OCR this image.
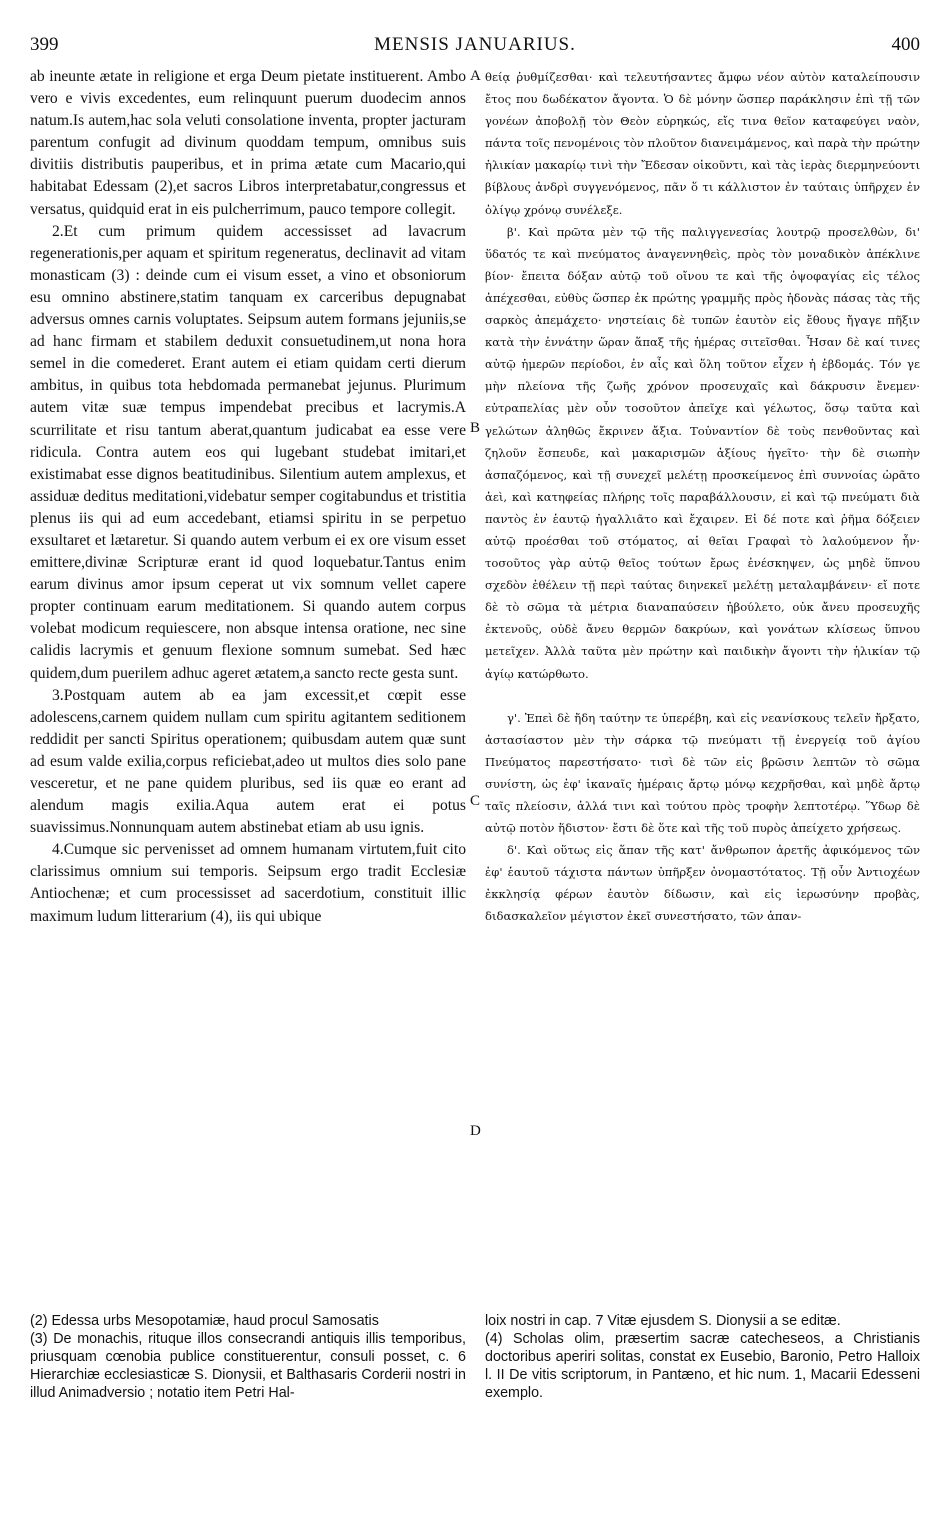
399	MENSIS JANUARIUS.	400

ab ineunte ætate in religione et erga Deum pietate instituerent. Ambo vero e vivis excedentes, eum relinquunt puerum duodecim annos natum.Is autem,hac sola veluti consolatione inventa, propter jacturam parentum confugit ad divinum quoddam tempum, omnibus suis divitiis distributis pauperibus, et in prima ætate cum Macario,qui habitabat Edessam (2),et sacros Libros interpretabatur,congressus et versatus, quidquid erat in eis pulcherrimum, pauco tempore collegit.

2.Et cum primum quidem accessisset ad lavacrum regenerationis,per aquam et spiritum regeneratus, declinavit ad vitam monasticam (3) : deinde cum ei visum esset, a vino et obsoniorum esu omnino abstinere,statim tanquam ex carceribus depugnabat adversus omnes carnis voluptates. Seipsum autem formans jejuniis,se ad hanc firmam et stabilem deduxit consuetudinem,ut nona hora semel in die comederet. Erant autem ei etiam quidam certi dierum ambitus, in quibus tota hebdomada permanebat jejunus. Plurimum autem vitæ suæ tempus impendebat precibus et lacrymis.A scurrilitate et risu tantum aberat,quantum judicabat ea esse vere ridicula. Contra autem eos qui lugebant studebat imitari,et existimabat esse dignos beatitudinibus. Silentium autem amplexus, et assiduæ deditus meditationi,videbatur semper cogitabundus et tristitia plenus iis qui ad eum accedebant, etiamsi spiritu in se perpetuo exsultaret et lætaretur. Si quando autem verbum ei ex ore visum esset emittere,divinæ Scripturæ erant id quod loquebatur.Tantus enim earum divinus amor ipsum ceperat ut vix somnum vellet capere propter continuam earum meditationem. Si quando autem corpus volebat modicum requiescere, non absque intensa oratione, nec sine calidis lacrymis et genuum flexione somnum sumebat. Sed hæc quidem,dum puerilem adhuc ageret ætatem,a sancto recte gesta sunt.

3.Postquam autem ab ea jam excessit,et cœpit esse adolescens,carnem quidem nullam cum spiritu agitantem seditionem reddidit per sancti Spiritus operationem; quibusdam autem quæ sunt ad esum valde exilia,corpus reficiebat,adeo ut multos dies solo pane vesceretur, et ne pane quidem pluribus, sed iis quæ eo erant ad alendum magis exilia.Aqua autem erat ei potus suavissimus.Nonnunquam autem abstinebat etiam ab usu ignis.

4.Cumque sic pervenisset ad omnem humanam virtutem,fuit cito clarissimus omnium sui temporis. Seipsum ergo tradit Ecclesiæ Antiochenæ; et cum processisset ad sacerdotium, constituit illic maximum ludum litterarium (4), iis qui ubique

A
B
C
D

θείᾳ ῥυθμίζεσθαι· καὶ τελευτήσαντες ἄμφω νέον αὐτὸν καταλείπουσιν ἔτος που δωδέκατον ἄγοντα. Ὁ δὲ μόνην ὥσπερ παράκλησιν ἐπὶ τῇ τῶν γονέων ἀποβολῇ τὸν Θεὸν εὑρηκώς, εἴς τινα θεῖον καταφεύγει ναὸν, πάντα τοῖς πενομένοις τὸν πλοῦτον διανειμάμενος, καὶ παρὰ τὴν πρώτην ἡλικίαν μακαρίῳ τινὶ τὴν Ἔδεσαν οἰκοῦντι, καὶ τὰς ἱερὰς διερμηνεύοντι βίβλους ἀνδρὶ συγγενόμενος, πᾶν ὅ τι κάλλιστον ἐν ταύταις ὑπῆρχεν ἐν ὀλίγῳ χρόνῳ συνέλεξε.

β'. Καὶ πρῶτα μὲν τῷ τῆς παλιγγενεσίας λουτρῷ προσελθὼν, δι' ὕδατός τε καὶ πνεύματος ἀναγεννηθεὶς, πρὸς τὸν μοναδικὸν ἀπέκλινε βίον· ἔπειτα δόξαν αὐτῷ τοῦ οἴνου τε καὶ τῆς ὀψοφαγίας εἰς τέλος ἀπέχεσθαι, εὐθὺς ὥσπερ ἐκ πρώτης γραμμῆς πρὸς ἡδονὰς πάσας τὰς τῆς σαρκὸς ἀπεμάχετο· νηστείαις δὲ τυπῶν ἑαυτὸν εἰς ἔθους ἤγαγε πῆξιν κατὰ τὴν ἐννάτην ὥραν ἅπαξ τῆς ἡμέρας σιτεῖσθαι. Ἦσαν δὲ καί τινες αὐτῷ ἡμερῶν περίοδοι, ἐν αἷς καὶ ὅλη τοῦτον εἶχεν ἡ ἑβδομάς. Τόν γε μὴν πλείονα τῆς ζωῆς χρόνον προσευχαῖς καὶ δάκρυσιν ἔνεμεν· εὐτραπελίας μὲν οὖν τοσοῦτον ἀπεῖχε καὶ γέλωτος, ὅσῳ ταῦτα καὶ γελώτων ἀληθῶς ἔκρινεν ἄξια. Τοὐναντίον δὲ τοὺς πενθοῦντας καὶ ζηλοῦν ἔσπευδε, καὶ μακαρισμῶν ἀξίους ἡγεῖτο· τὴν δὲ σιωπὴν ἀσπαζόμενος, καὶ τῇ συνεχεῖ μελέτῃ προσκείμενος ἐπὶ συννοίας ὡρᾶτο ἀεὶ, καὶ κατηφείας πλήρης τοῖς παραβάλλουσιν, εἰ καὶ τῷ πνεύματι διὰ παντὸς ἐν ἑαυτῷ ἠγαλλιᾶτο καὶ ἔχαιρεν. Εἰ δέ ποτε καὶ ῥῆμα δόξειεν αὐτῷ προέσθαι τοῦ στόματος, αἱ θεῖαι Γραφαὶ τὸ λαλούμενον ἦν· τοσοῦτος γὰρ αὐτῷ θεῖος τούτων ἔρως ἐνέσκηψεν, ὡς μηδὲ ὕπνου σχεδὸν ἐθέλειν τῇ περὶ ταύτας διηνεκεῖ μελέτῃ μεταλαμβάνειν· εἴ ποτε δὲ τὸ σῶμα τὰ μέτρια διαναπαύσειν ἠβούλετο, οὐκ ἄνευ προσευχῆς ἐκτενοῦς, οὐδὲ ἄνευ θερμῶν δακρύων, καὶ γονάτων κλίσεως ὕπνου μετεῖχεν. Ἀλλὰ ταῦτα μὲν πρώτην καὶ παιδικὴν ἄγοντι τὴν ἡλικίαν τῷ ἁγίῳ κατώρθωτο.

γ'. Ἐπεὶ δὲ ἤδη ταύτην τε ὑπερέβη, καὶ εἰς νεανίσκους τελεῖν ἤρξατο, ἀστασίαστον μὲν τὴν σάρκα τῷ πνεύματι τῇ ἐνεργείᾳ τοῦ ἁγίου Πνεύματος παρεστήσατο· τισὶ δὲ τῶν εἰς βρῶσιν λεπτῶν τὸ σῶμα συνίστη, ὡς ἐφ' ἱκαναῖς ἡμέραις ἄρτῳ μόνῳ κεχρῆσθαι, καὶ μηδὲ ἄρτῳ ταῖς πλείοσιν, ἀλλά τινι καὶ τούτου πρὸς τροφὴν λεπτοτέρῳ. Ὕδωρ δὲ αὐτῷ ποτὸν ἥδιστον· ἔστι δὲ ὅτε καὶ τῆς τοῦ πυρὸς ἀπείχετο χρήσεως.

δ'. Καὶ οὕτως εἰς ἅπαν τῆς κατ' ἄνθρωπον ἀρετῆς ἀφικόμενος τῶν ἐφ' ἑαυτοῦ τάχιστα πάντων ὑπῆρξεν ὀνομαστότατος. Τῇ οὖν Ἀντιοχέων ἐκκλησίᾳ φέρων ἑαυτὸν δίδωσιν, καὶ εἰς ἱερωσύνην προβὰς, διδασκαλεῖον μέγιστον ἐκεῖ συνεστήσατο, τῶν ἁπαν-

(2) Edessa urbs Mesopotamiæ, haud procul Samosatis

(3) De monachis, rituque illos consecrandi antiquis illis temporibus, priusquam cœnobia publice constituerentur, consuli posset, c. 6 Hierarchiæ ecclesiasticæ S. Dionysii, et Balthasaris Corderii nostri in illud Animadversio ; notatio item Petri Hal-

loix nostri in cap. 7 Vitæ ejusdem S. Dionysii a se editæ.

(4) Scholas olim, præsertim sacræ catecheseos, a Christianis doctoribus aperiri solitas, constat ex Eusebio, Baronio, Petro Halloix l. II De vitis scriptorum, in Pantæno, et hic num. 1, Macarii Edesseni exemplo.
